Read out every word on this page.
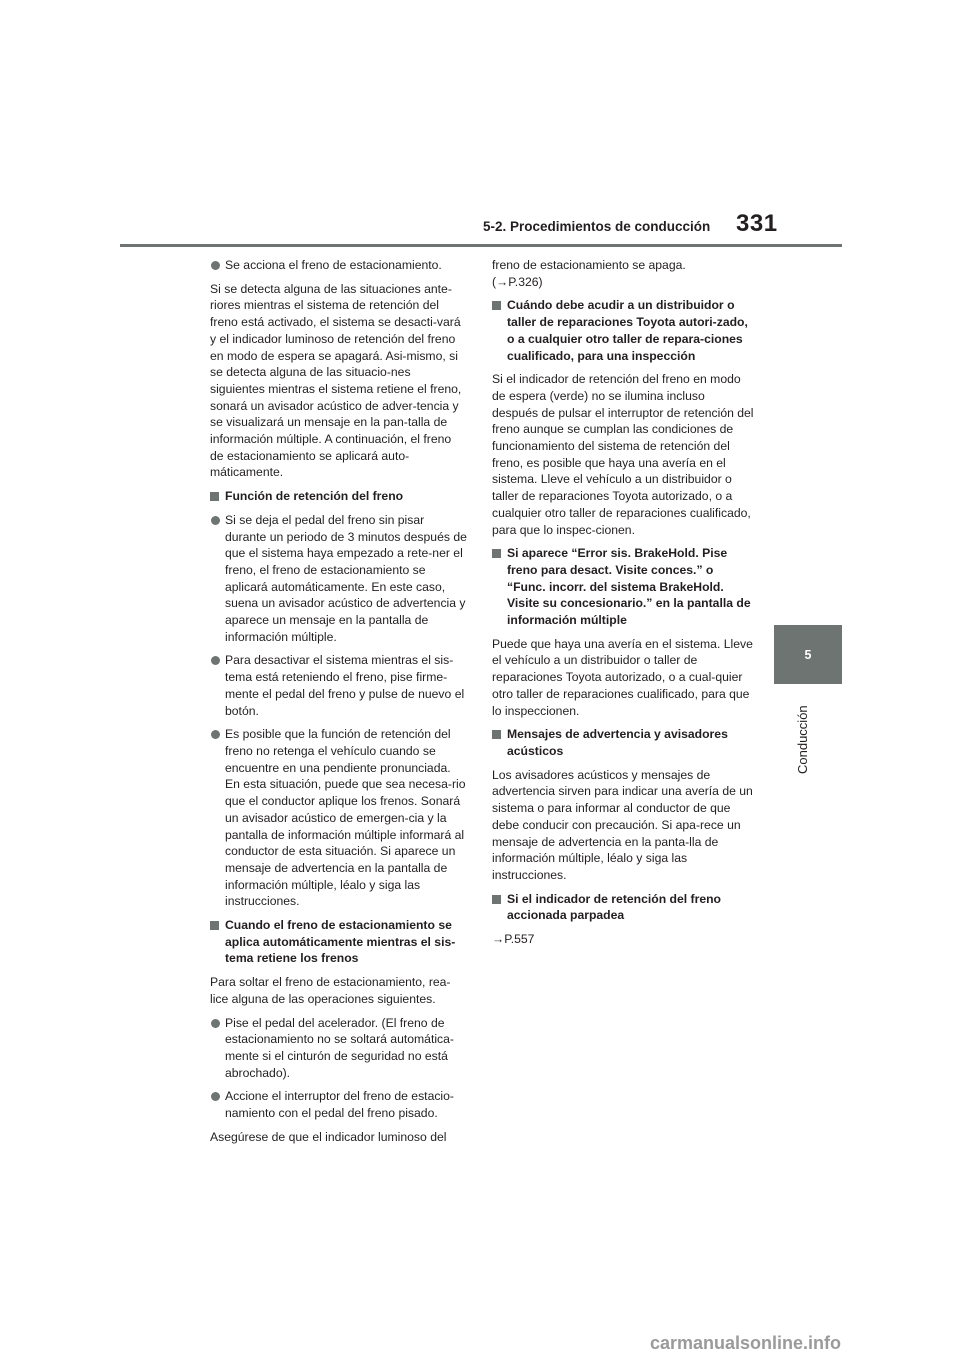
5-2. Procedimientos de conducción 331
5
Conducción
Se acciona el freno de estacionamiento.

Si se detecta alguna de las situaciones ante-riores mientras el sistema de retención del freno está activado, el sistema se desacti-vará y el indicador luminoso de retención del freno en modo de espera se apagará. Asi-mismo, si se detecta alguna de las situacio-nes siguientes mientras el sistema retiene el freno, sonará un avisador acústico de adver-tencia y se visualizará un mensaje en la pan-talla de información múltiple. A continuación, el freno de estacionamiento se aplicará auto-máticamente.

Función de retención del freno
Si se deja el pedal del freno sin pisar durante un periodo de 3 minutos después de que el sistema haya empezado a rete-ner el freno, el freno de estacionamiento se aplicará automáticamente. En este caso, suena un avisador acústico de advertencia y aparece un mensaje en la pantalla de información múltiple.
Para desactivar el sistema mientras el sis-tema está reteniendo el freno, pise firme-mente el pedal del freno y pulse de nuevo el botón.
Es posible que la función de retención del freno no retenga el vehículo cuando se encuentre en una pendiente pronunciada. En esta situación, puede que sea necesa-rio que el conductor aplique los frenos. Sonará un avisador acústico de emergen-cia y la pantalla de información múltiple informará al conductor de esta situación. Si aparece un mensaje de advertencia en la pantalla de información múltiple, léalo y siga las instrucciones.
Cuando el freno de estacionamiento se aplica automáticamente mientras el sis-tema retiene los frenos

Para soltar el freno de estacionamiento, rea-lice alguna de las operaciones siguientes.

Pise el pedal del acelerador. (El freno de estacionamiento no se soltará automática-mente si el cinturón de seguridad no está abrochado).
Accione el interruptor del freno de estacio-namiento con el pedal del freno pisado.

Asegúrese de que el indicador luminoso del

freno de estacionamiento se apaga.
(→P.326)

Cuándo debe acudir a un distribuidor o taller de reparaciones Toyota autori-zado, o a cualquier otro taller de repara-ciones cualificado, para una inspección

Si el indicador de retención del freno en modo de espera (verde) no se ilumina incluso después de pulsar el interruptor de retención del freno aunque se cumplan las condiciones de funcionamiento del sistema de retención del freno, es posible que haya una avería en el sistema. Lleve el vehículo a un distribuidor o taller de reparaciones Toyota autorizado, o a cualquier otro taller de reparaciones cualificado, para que lo inspec-cionen.

Si aparece “Error sis. BrakeHold. Pise freno para desact. Visite conces.” o “Func. incorr. del sistema BrakeHold. Visite su concesionario.” en la pantalla de información múltiple

Puede que haya una avería en el sistema. Lleve el vehículo a un distribuidor o taller de reparaciones Toyota autorizado, o a cual-quier otro taller de reparaciones cualificado, para que lo inspeccionen.

Mensajes de advertencia y avisadores acústicos

Los avisadores acústicos y mensajes de advertencia sirven para indicar una avería de un sistema o para informar al conductor de que debe conducir con precaución. Si apa-rece un mensaje de advertencia en la panta-lla de información múltiple, léalo y siga las instrucciones.

Si el indicador de retención del freno accionada parpadea

→P.557

carmanualsonline.info
